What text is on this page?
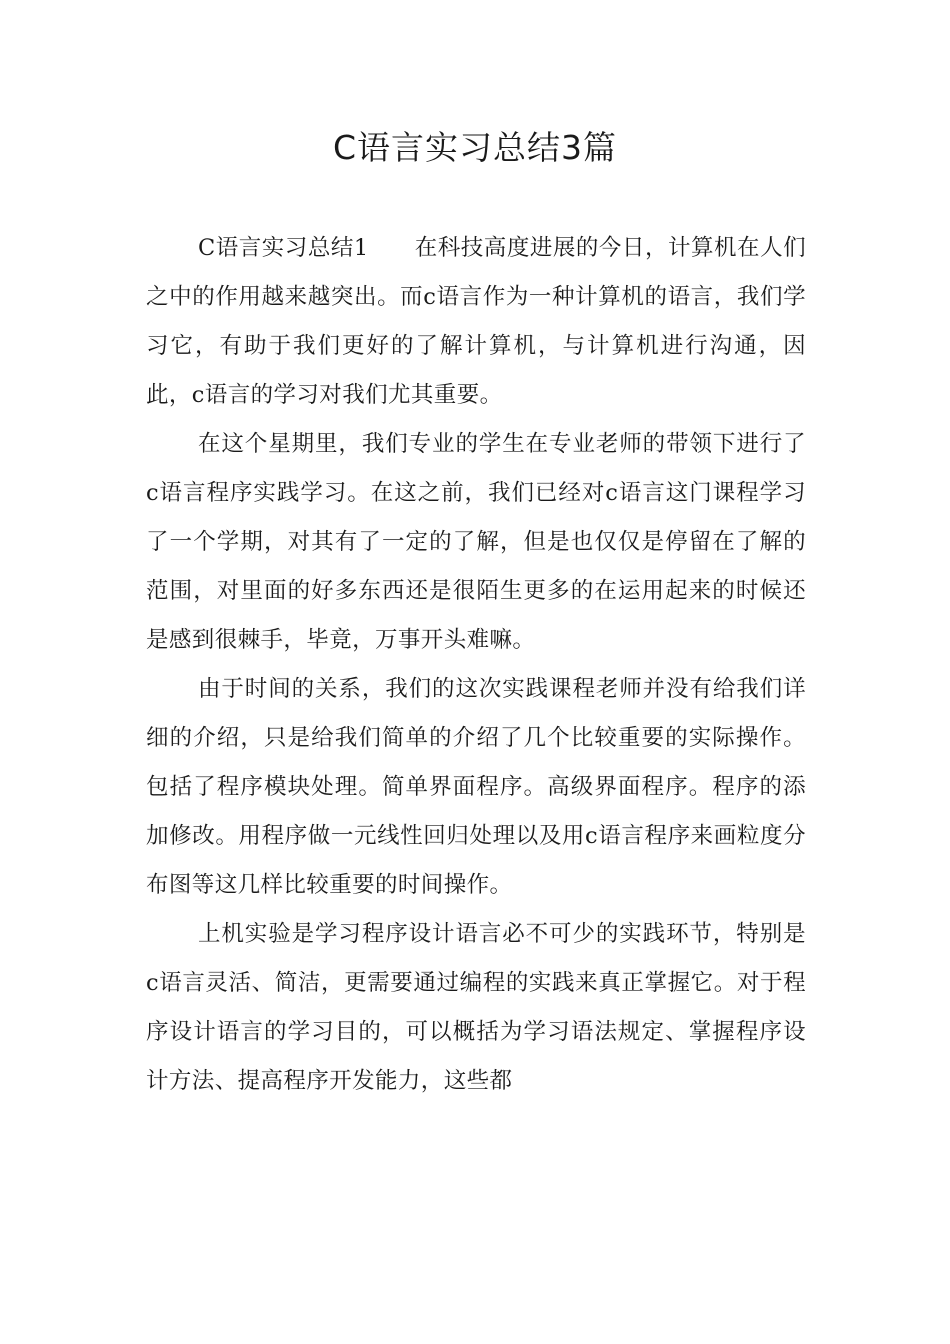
C语言实习总结3篇

C语言实习总结1　　在科技高度进展的今日，计算机在人们之中的作用越来越突出。而c语言作为一种计算机的语言，我们学习它，有助于我们更好的了解计算机，与计算机进行沟通，因此，c语言的学习对我们尤其重要。

在这个星期里，我们专业的学生在专业老师的带领下进行了c语言程序实践学习。在这之前，我们已经对c语言这门课程学习了一个学期，对其有了一定的了解，但是也仅仅是停留在了解的范围，对里面的好多东西还是很陌生更多的在运用起来的时候还是感到很棘手，毕竟，万事开头难嘛。

由于时间的关系，我们的这次实践课程老师并没有给我们详细的介绍，只是给我们简单的介绍了几个比较重要的实际操作。包括了程序模块处理。简单界面程序。高级界面程序。程序的添加修改。用程序做一元线性回归处理以及用c语言程序来画粒度分布图等这几样比较重要的时间操作。

上机实验是学习程序设计语言必不可少的实践环节，特别是c语言灵活、简洁，更需要通过编程的实践来真正掌握它。对于程序设计语言的学习目的，可以概括为学习语法规定、掌握程序设计方法、提高程序开发能力，这些都
